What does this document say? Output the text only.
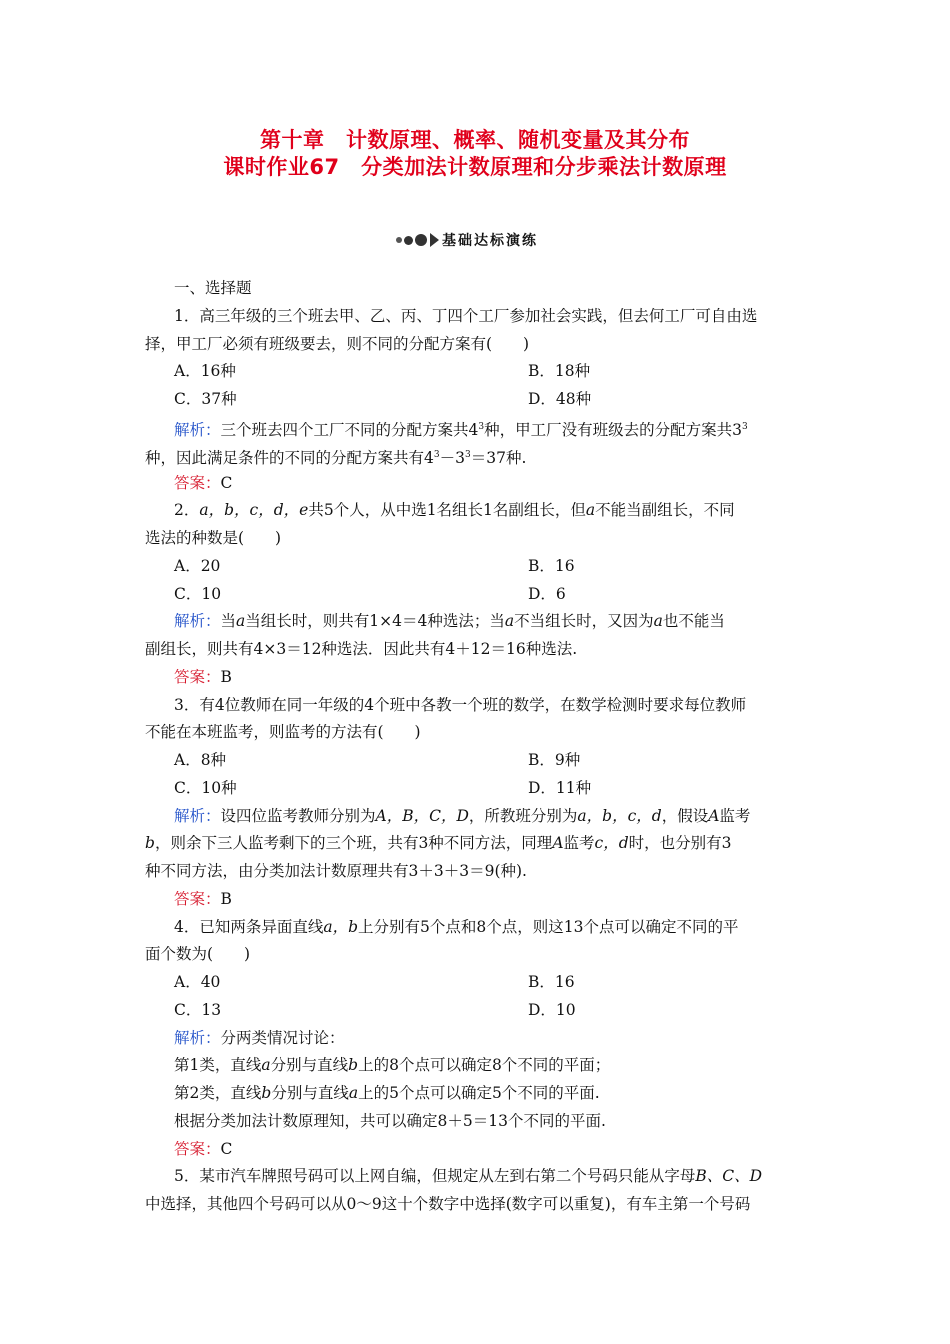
第十章　计数原理、概率、随机变量及其分布
课时作业67　分类加法计数原理和分步乘法计数原理
基础达标演练
一、选择题
1．高三年级的三个班去甲、乙、丙、丁四个工厂参加社会实践，但去何工厂可自由选
择，甲工厂必须有班级要去，则不同的分配方案有(　　)
A．16种	B．18种
C．37种	D．48种
解析：三个班去四个工厂不同的分配方案共$4^3$种，甲工厂没有班级去的分配方案共$3^3$
种，因此满足条件的不同的分配方案共有$4^3-3^3=37$种.
答案：C
2．a，b，c，d，e共5个人，从中选1名组长1名副组长，但a不能当副组长，不同
选法的种数是(　　)
A．20	B．16
C．10	D．6
解析：当a当组长时，则共有1×4＝4种选法；当a不当组长时，又因为a也不能当
副组长，则共有4×3＝12种选法．因此共有4＋12＝16种选法.
答案：B
3．有4位教师在同一年级的4个班中各教一个班的数学，在数学检测时要求每位教师
不能在本班监考，则监考的方法有(　　)
A．8种	B．9种
C．10种	D．11种
解析：设四位监考教师分别为A，B，C，D，所教班分别为a，b，c，d，假设A监考
b，则余下三人监考剩下的三个班，共有3种不同方法，同理A监考c，d时，也分别有3
种不同方法，由分类加法计数原理共有3＋3＋3＝9(种).
答案：B
4．已知两条异面直线a，b上分别有5个点和8个点，则这13个点可以确定不同的平
面个数为(　　)
A．40	B．16
C．13	D．10
解析：分两类情况讨论：
第1类，直线a分别与直线b上的8个点可以确定8个不同的平面；
第2类，直线b分别与直线a上的5个点可以确定5个不同的平面.
根据分类加法计数原理知，共可以确定8＋5＝13个不同的平面.
答案：C
5．某市汽车牌照号码可以上网自编，但规定从左到右第二个号码只能从字母B、C、D
中选择，其他四个号码可以从0～9这十个数字中选择(数字可以重复)，有车主第一个号码
